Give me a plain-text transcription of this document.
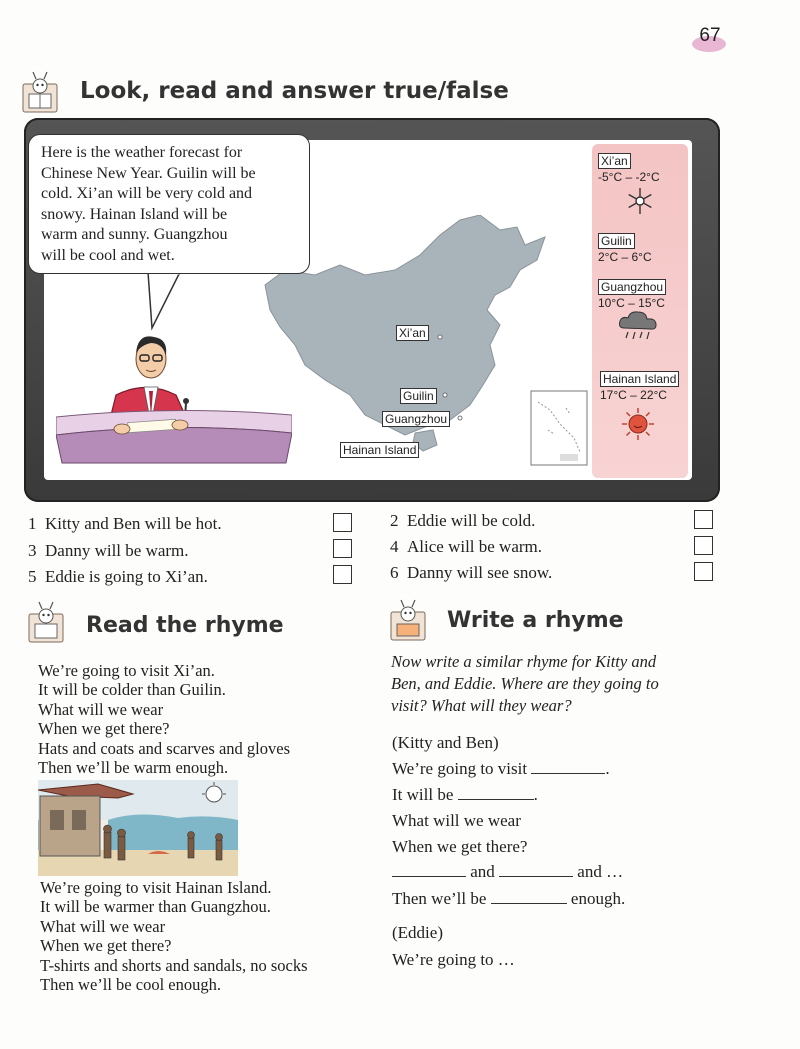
67
Look, read and answer true/false
Xi’an
Guilin
Guangzhou
Hainan Island
Here is the weather forecast for
Chinese New Year. Guilin will be
cold. Xi’an will be very cold and
snowy. Hainan Island will be
warm and sunny. Guangzhou
will be cool and wet.
Xi’an
-5°C – -2°C
Guilin
2°C – 6°C
Guangzhou
10°C – 15°C
Hainan Island
17°C – 22°C
1 Kitty and Ben will be hot.
3 Danny will be warm.
5 Eddie is going to Xi’an.
2 Eddie will be cold.
4 Alice will be warm.
6 Danny will see snow.
Read the rhyme
We’re going to visit Xi’an.
It will be colder than Guilin.
What will we wear
When we get there?
Hats and coats and scarves and gloves
Then we’ll be warm enough.
We’re going to visit Hainan Island.
It will be warmer than Guangzhou.
What will we wear
When we get there?
T-shirts and shorts and sandals, no socks
Then we’ll be cool enough.
Write a rhyme
Now write a similar rhyme for Kitty and
Ben, and Eddie. Where are they going to
visit? What will they wear?
(Kitty and Ben)
We’re going to visit	.
It will be	.
What will we wear
When we get there?
and	and …
Then we’ll be	enough.
(Eddie)
We’re going to …
